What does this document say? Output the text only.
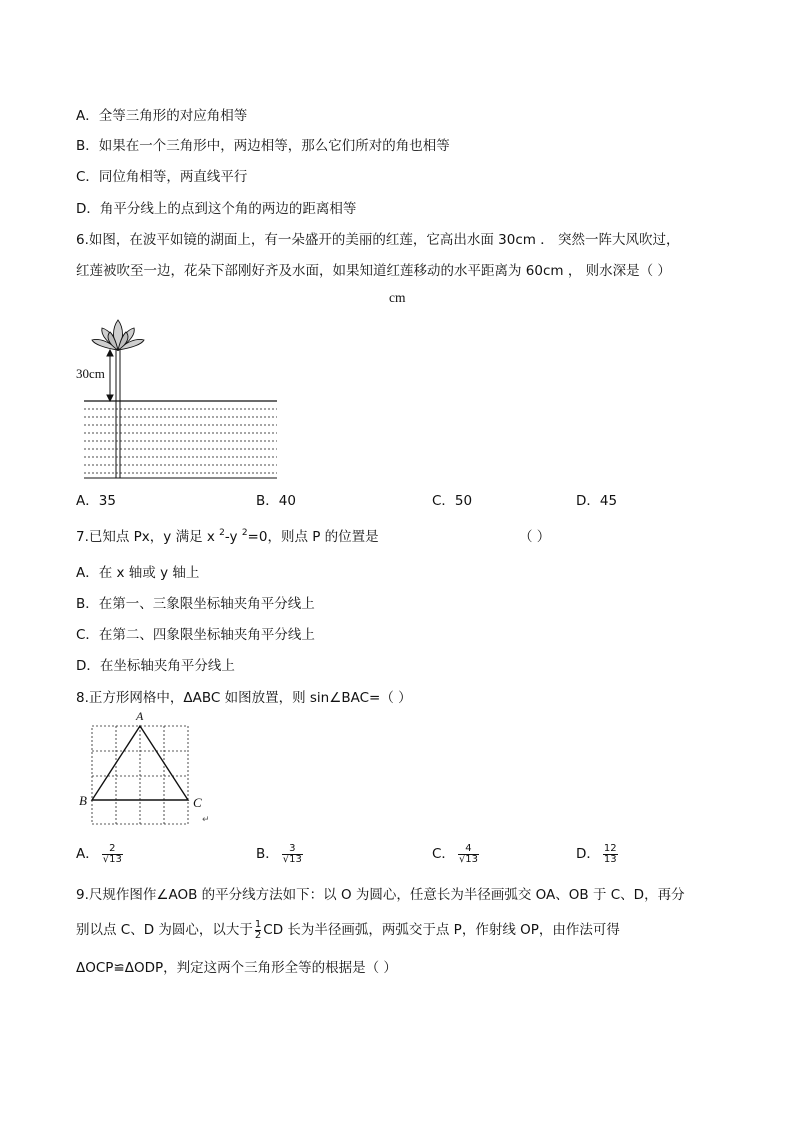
A．全等三角形的对应角相等
B．如果在一个三角形中，两边相等，那么它们所对的角也相等
C．同位角相等，两直线平行
D．角平分线上的点到这个角的两边的距离相等
6.如图，在波平如镜的湖面上，有一朵盛开的美丽的红莲，它高出水面 30cm ． 突然一阵大风吹过，
红莲被吹至一边，花朵下部刚好齐及水面，如果知道红莲移动的水平距离为 60cm ， 则水深是（ ）
cm
30cm
A．35	B．40	C．50	D．45
7.已知点 Px，y 满足 x $^2$-y $^2$=0，则点 P 的位置是	（ ）
A．在 x 轴或 y 轴上
B．在第一、三象限坐标轴夹角平分线上
C．在第二、四象限坐标轴夹角平分线上
D．在坐标轴夹角平分线上
8.正方形网格中，ΔABC 如图放置，则 sin∠BAC=（ ）
A
B	C
↵
A． $\frac{2}{√13}$	B． $\frac{3}{√13}$	C． $\frac{4}{√13}$	D． $\frac{12}{13}$
9.尺规作图作∠AOB 的平分线方法如下：以 O 为圆心，任意长为半径画弧交 OA、OB 于 C、D，再分
别以点 C、D 为圆心，以大于 $\frac{1}{2}$ CD 长为半径画弧，两弧交于点 P，作射线 OP，由作法可得
ΔOCP≌ΔODP，判定这两个三角形全等的根据是（ ）
